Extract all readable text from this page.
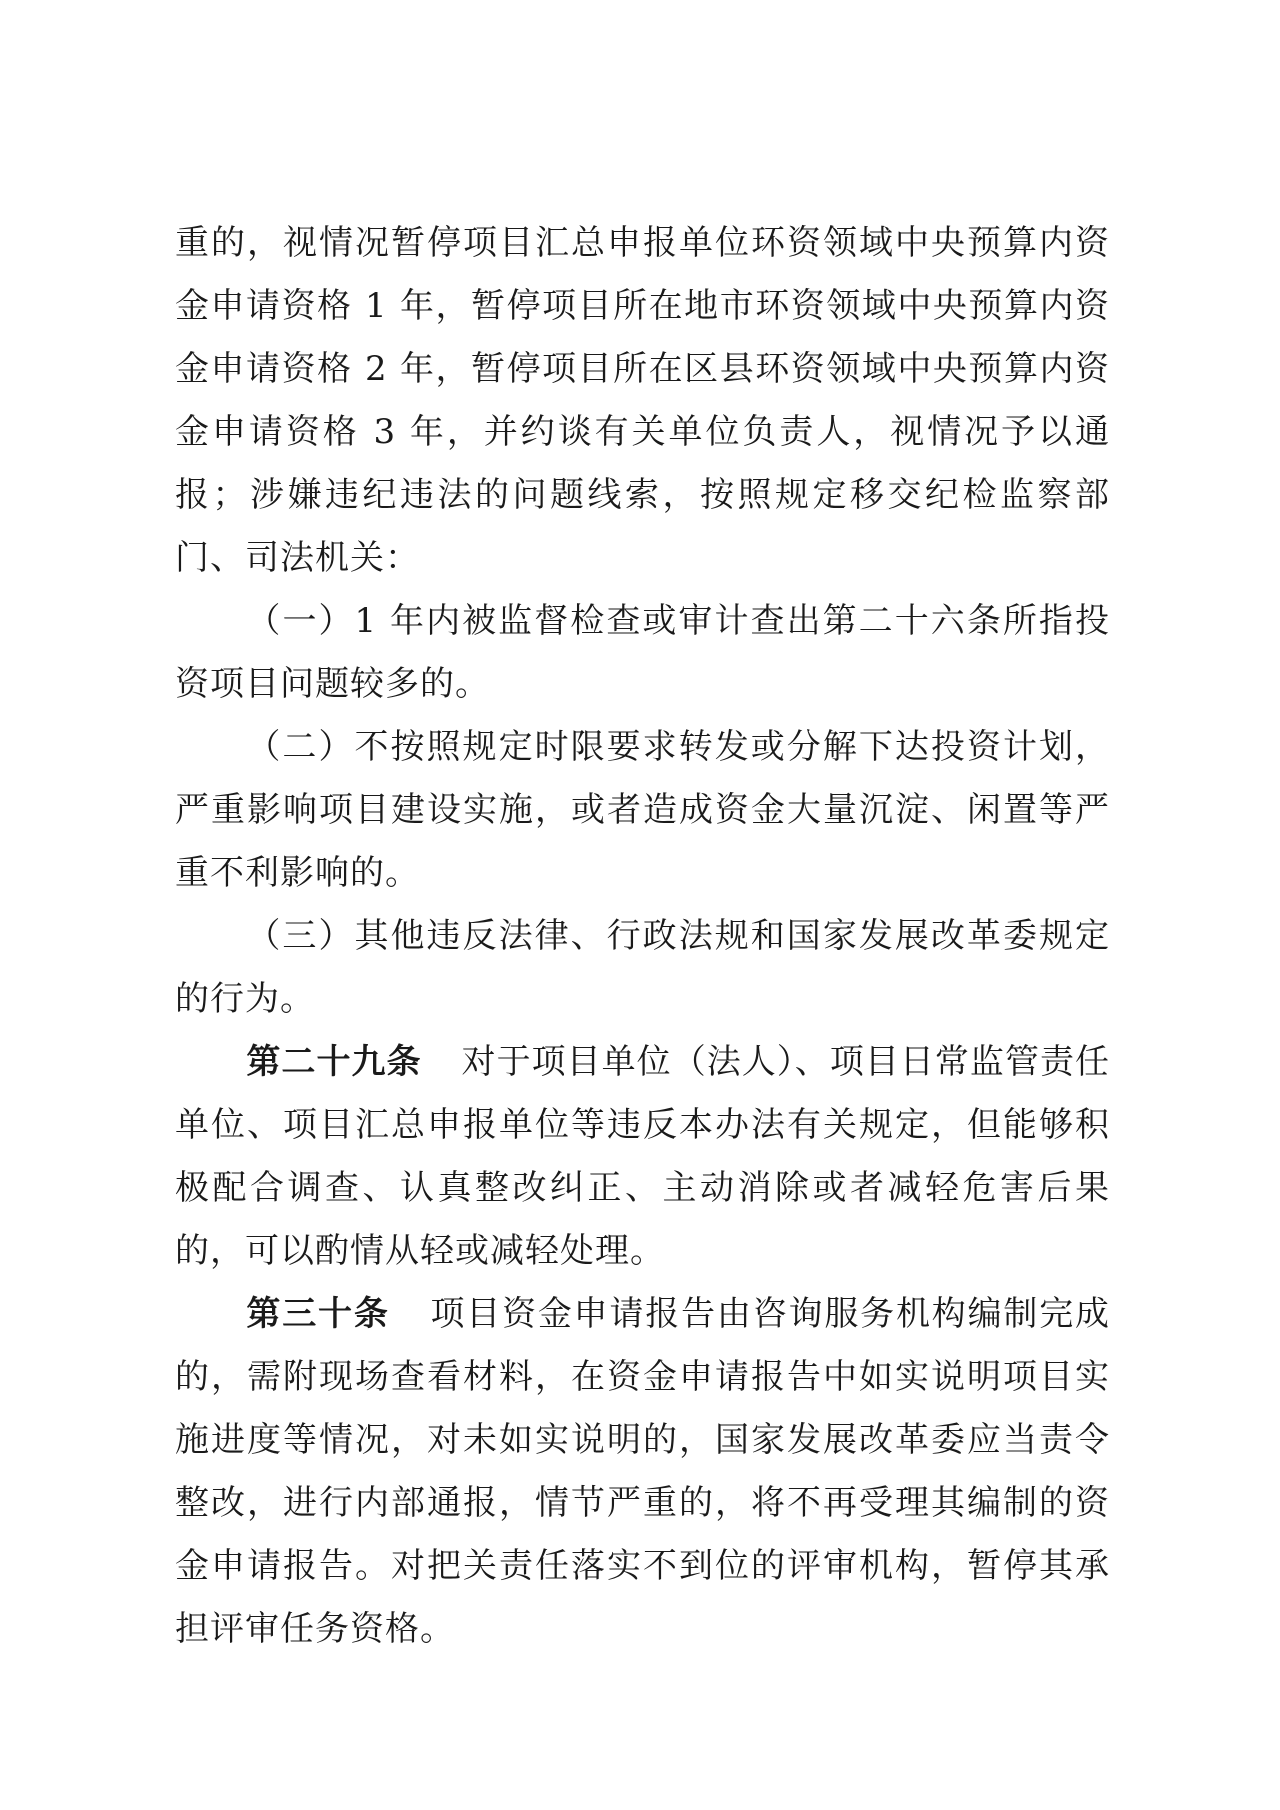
重的，视情况暂停项目汇总申报单位环资领域中央预算内资金申请资格 1 年，暂停项目所在地市环资领域中央预算内资金申请资格 2 年，暂停项目所在区县环资领域中央预算内资金申请资格 3 年，并约谈有关单位负责人，视情况予以通报；涉嫌违纪违法的问题线索，按照规定移交纪检监察部门、司法机关：

（一）1 年内被监督检查或审计查出第二十六条所指投资项目问题较多的。

（二）不按照规定时限要求转发或分解下达投资计划，严重影响项目建设实施，或者造成资金大量沉淀、闲置等严重不利影响的。

（三）其他违反法律、行政法规和国家发展改革委规定的行为。

第二十九条 对于项目单位（法人）、项目日常监管责任单位、项目汇总申报单位等违反本办法有关规定，但能够积极配合调查、认真整改纠正、主动消除或者减轻危害后果的，可以酌情从轻或减轻处理。

第三十条 项目资金申请报告由咨询服务机构编制完成的，需附现场查看材料，在资金申请报告中如实说明项目实施进度等情况，对未如实说明的，国家发展改革委应当责令整改，进行内部通报，情节严重的，将不再受理其编制的资金申请报告。对把关责任落实不到位的评审机构，暂停其承担评审任务资格。
